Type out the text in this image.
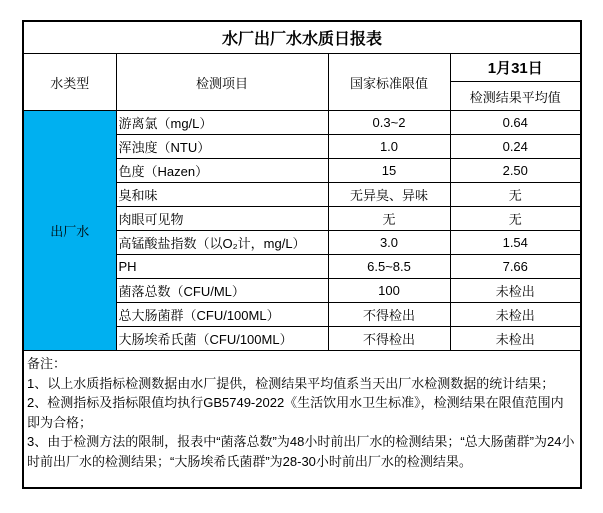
水厂出厂水水质日报表			
水类型	检测项目	国家标准限值	1月31日
			检测结果平均值
出厂水	游离氯（mg/L）	0.3~2	0.64
	浑浊度（NTU）	1.0	0.24
	色度（Hazen）	15	2.50
	臭和味	无异臭、异味	无
	肉眼可见物	无	无
	高锰酸盐指数（以O₂计，mg/L）	3.0	1.54
	PH	6.5~8.5	7.66
	菌落总数（CFU/ML）	100	未检出
	总大肠菌群（CFU/100ML）	不得检出	未检出
	大肠埃希氏菌（CFU/100ML）	不得检出	未检出

备注：
1、以上水质指标检测数据由水厂提供，检测结果平均值系当天出厂水检测数据的统计结果；
2、检测指标及指标限值均执行GB5749-2022《生活饮用水卫生标准》，检测结果在限值范围内即为合格；
3、由于检测方法的限制，报表中“菌落总数”为48小时前出厂水的检测结果；“总大肠菌群”为24小时前出厂水的检测结果；“大肠埃希氏菌群”为28-30小时前出厂水的检测结果。			
